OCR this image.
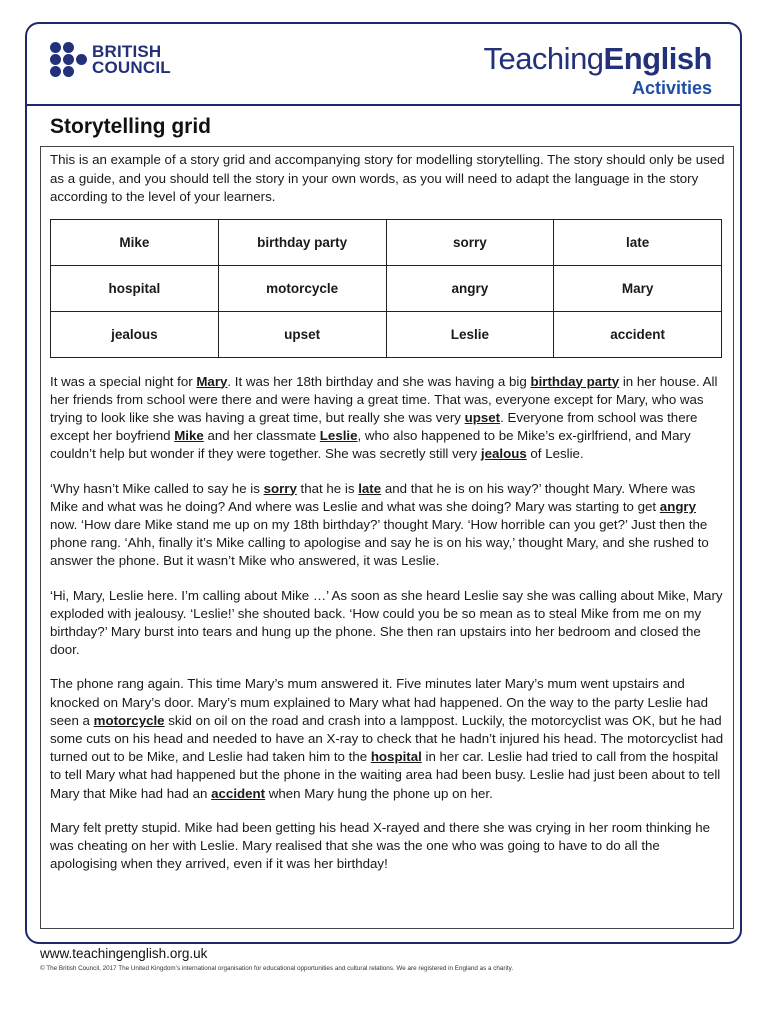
BRITISH
COUNCIL	TeachingEnglish
Activities
Storytelling grid

This is an example of a story grid and accompanying story for modelling storytelling. The story should only be used as a guide, and you should tell the story in your own words, as you will need to adapt the language in the story according to the level of your learners.

Mike	birthday party	sorry	late
hospital	motorcycle	angry	Mary
jealous	upset	Leslie	accident

It was a special night for Mary. It was her 18th birthday and she was having a big birthday party in her house. All her friends from school were there and were having a great time. That was, everyone except for Mary, who was trying to look like she was having a great time, but really she was very upset. Everyone from school was there except her boyfriend Mike and her classmate Leslie, who also happened to be Mike’s ex-girlfriend, and Mary couldn’t help but wonder if they were together. She was secretly still very jealous of Leslie.

‘Why hasn’t Mike called to say he is sorry that he is late and that he is on his way?’ thought Mary. Where was Mike and what was he doing? And where was Leslie and what was she doing? Mary was starting to get angry now. ‘How dare Mike stand me up on my 18th birthday?’ thought Mary. ‘How horrible can you get?’ Just then the phone rang. ‘Ahh, finally it’s Mike calling to apologise and say he is on his way,’ thought Mary, and she rushed to answer the phone. But it wasn’t Mike who answered, it was Leslie.

‘Hi, Mary, Leslie here. I’m calling about Mike …’ As soon as she heard Leslie say she was calling about Mike, Mary exploded with jealousy. ‘Leslie!’ she shouted back. ‘How could you be so mean as to steal Mike from me on my birthday?’ Mary burst into tears and hung up the phone. She then ran upstairs into her bedroom and closed the door.

The phone rang again. This time Mary’s mum answered it. Five minutes later Mary’s mum went upstairs and knocked on Mary’s door. Mary’s mum explained to Mary what had happened. On the way to the party Leslie had seen a motorcycle skid on oil on the road and crash into a lamppost. Luckily, the motorcyclist was OK, but he had some cuts on his head and needed to have an X-ray to check that he hadn’t injured his head. The motorcyclist had turned out to be Mike, and Leslie had taken him to the hospital in her car. Leslie had tried to call from the hospital to tell Mary what had happened but the phone in the waiting area had been busy. Leslie had just been about to tell Mary that Mike had had an accident when Mary hung the phone up on her.

Mary felt pretty stupid. Mike had been getting his head X-rayed and there she was crying in her room thinking he was cheating on her with Leslie. Mary realised that she was the one who was going to have to do all the apologising when they arrived, even if it was her birthday!

www.teachingenglish.org.uk
© The British Council, 2017 The United Kingdom’s international organisation for educational opportunities and cultural relations. We are registered in England as a charity.
